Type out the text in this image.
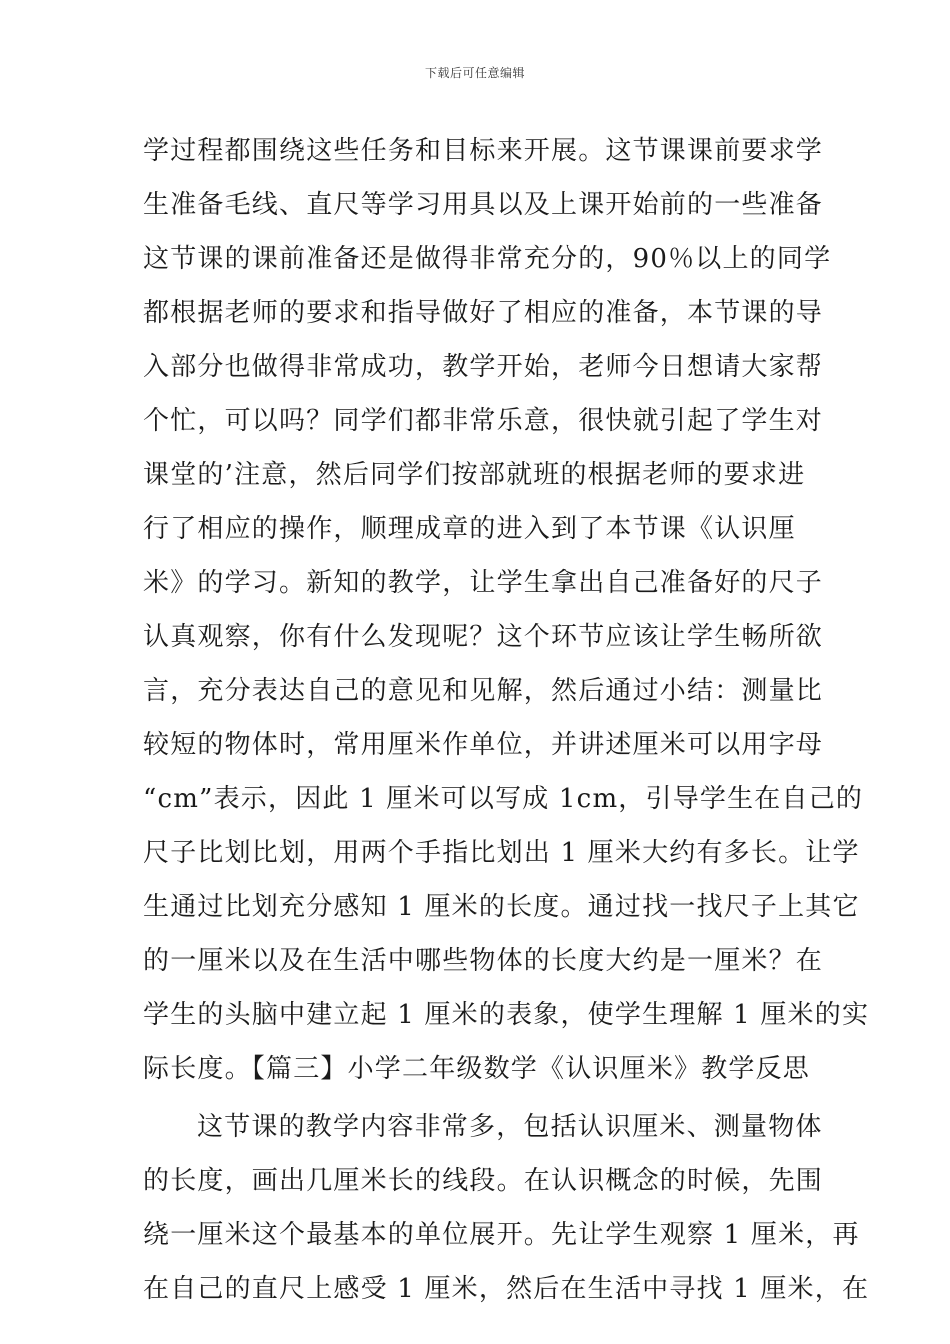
下载后可任意编辑
学过程都围绕这些任务和目标来开展。这节课课前要求学
生准备毛线、直尺等学习用具以及上课开始前的一些准备
这节课的课前准备还是做得非常充分的，90％以上的同学
都根据老师的要求和指导做好了相应的准备，本节课的导
入部分也做得非常成功，教学开始，老师今日想请大家帮
个忙，可以吗？同学们都非常乐意，很快就引起了学生对
课堂的’注意，然后同学们按部就班的根据老师的要求进
行了相应的操作，顺理成章的进入到了本节课《认识厘
米》的学习。新知的教学，让学生拿出自己准备好的尺子
认真观察，你有什么发现呢？这个环节应该让学生畅所欲
言，充分表达自己的意见和见解，然后通过小结：测量比
较短的物体时，常用厘米作单位，并讲述厘米可以用字母
“cm”表示，因此 1 厘米可以写成 1cm，引导学生在自己的
尺子比划比划，用两个手指比划出 1 厘米大约有多长。让学
生通过比划充分感知 1 厘米的长度。通过找一找尺子上其它
的一厘米以及在生活中哪些物体的长度大约是一厘米？在
学生的头脑中建立起 1 厘米的表象，使学生理解 1 厘米的实
际长度。【篇三】小学二年级数学《认识厘米》教学反思
这节课的教学内容非常多，包括认识厘米、测量物体
的长度，画出几厘米长的线段。在认识概念的时候，先围
绕一厘米这个最基本的单位展开。先让学生观察 1 厘米，再
在自己的直尺上感受 1 厘米，然后在生活中寻找 1 厘米，在
